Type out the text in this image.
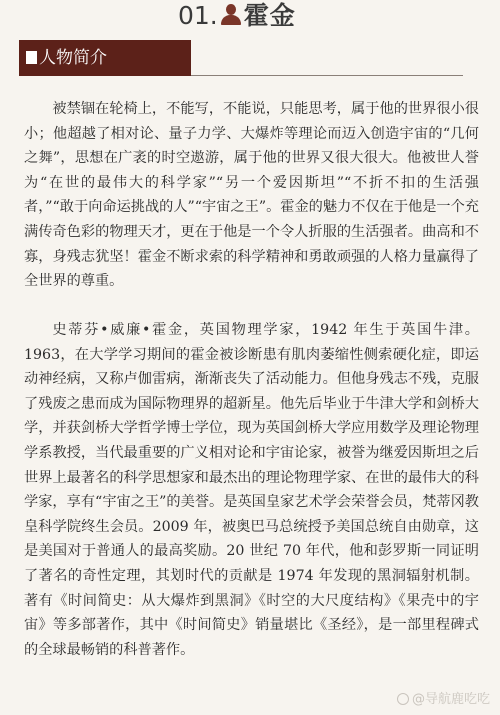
01. 霍金
人物简介

被禁锢在轮椅上，不能写，不能说，只能思考，属于他的世界很小很小；他超越了相对论、量子力学、大爆炸等理论而迈入创造宇宙的“几何之舞”，思想在广袤的时空遨游，属于他的世界又很大很大。他被世人誉为“在世的最伟大的科学家”“另一个爱因斯坦”“不折不扣的生活强者，”“敢于向命运挑战的人”“宇宙之王”。霍金的魅力不仅在于他是一个充满传奇色彩的物理天才，更在于他是一个令人折服的生活强者。曲高和不寡，身残志犹坚！霍金不断求索的科学精神和勇敢顽强的人格力量赢得了全世界的尊重。

史蒂芬•威廉•霍金，英国物理学家，1942 年生于英国牛津。1963，在大学学习期间的霍金被诊断患有肌肉萎缩性侧索硬化症，即运动神经病，又称卢伽雷病，渐渐丧失了活动能力。但他身残志不残，克服了残废之患而成为国际物理界的超新星。他先后毕业于牛津大学和剑桥大学，并获剑桥大学哲学博士学位，现为英国剑桥大学应用数学及理论物理学系教授，当代最重要的广义相对论和宇宙论家，被誉为继爱因斯坦之后世界上最著名的科学思想家和最杰出的理论物理学家、在世的最伟大的科学家，享有“宇宙之王”的美誉。是英国皇家艺术学会荣誉会员，梵蒂冈教皇科学院终生会员。2009 年，被奥巴马总统授予美国总统自由勋章，这是美国对于普通人的最高奖励。20 世纪 70 年代，他和彭罗斯一同证明了著名的奇性定理，其划时代的贡献是 1974 年发现的黑洞辐射机制。著有《时间简史：从大爆炸到黑洞》《时空的大尺度结构》《果壳中的宇宙》等多部著作，其中《时间简史》销量堪比《圣经》，是一部里程碑式的全球最畅销的科普著作。

@导航鹿吃吃
